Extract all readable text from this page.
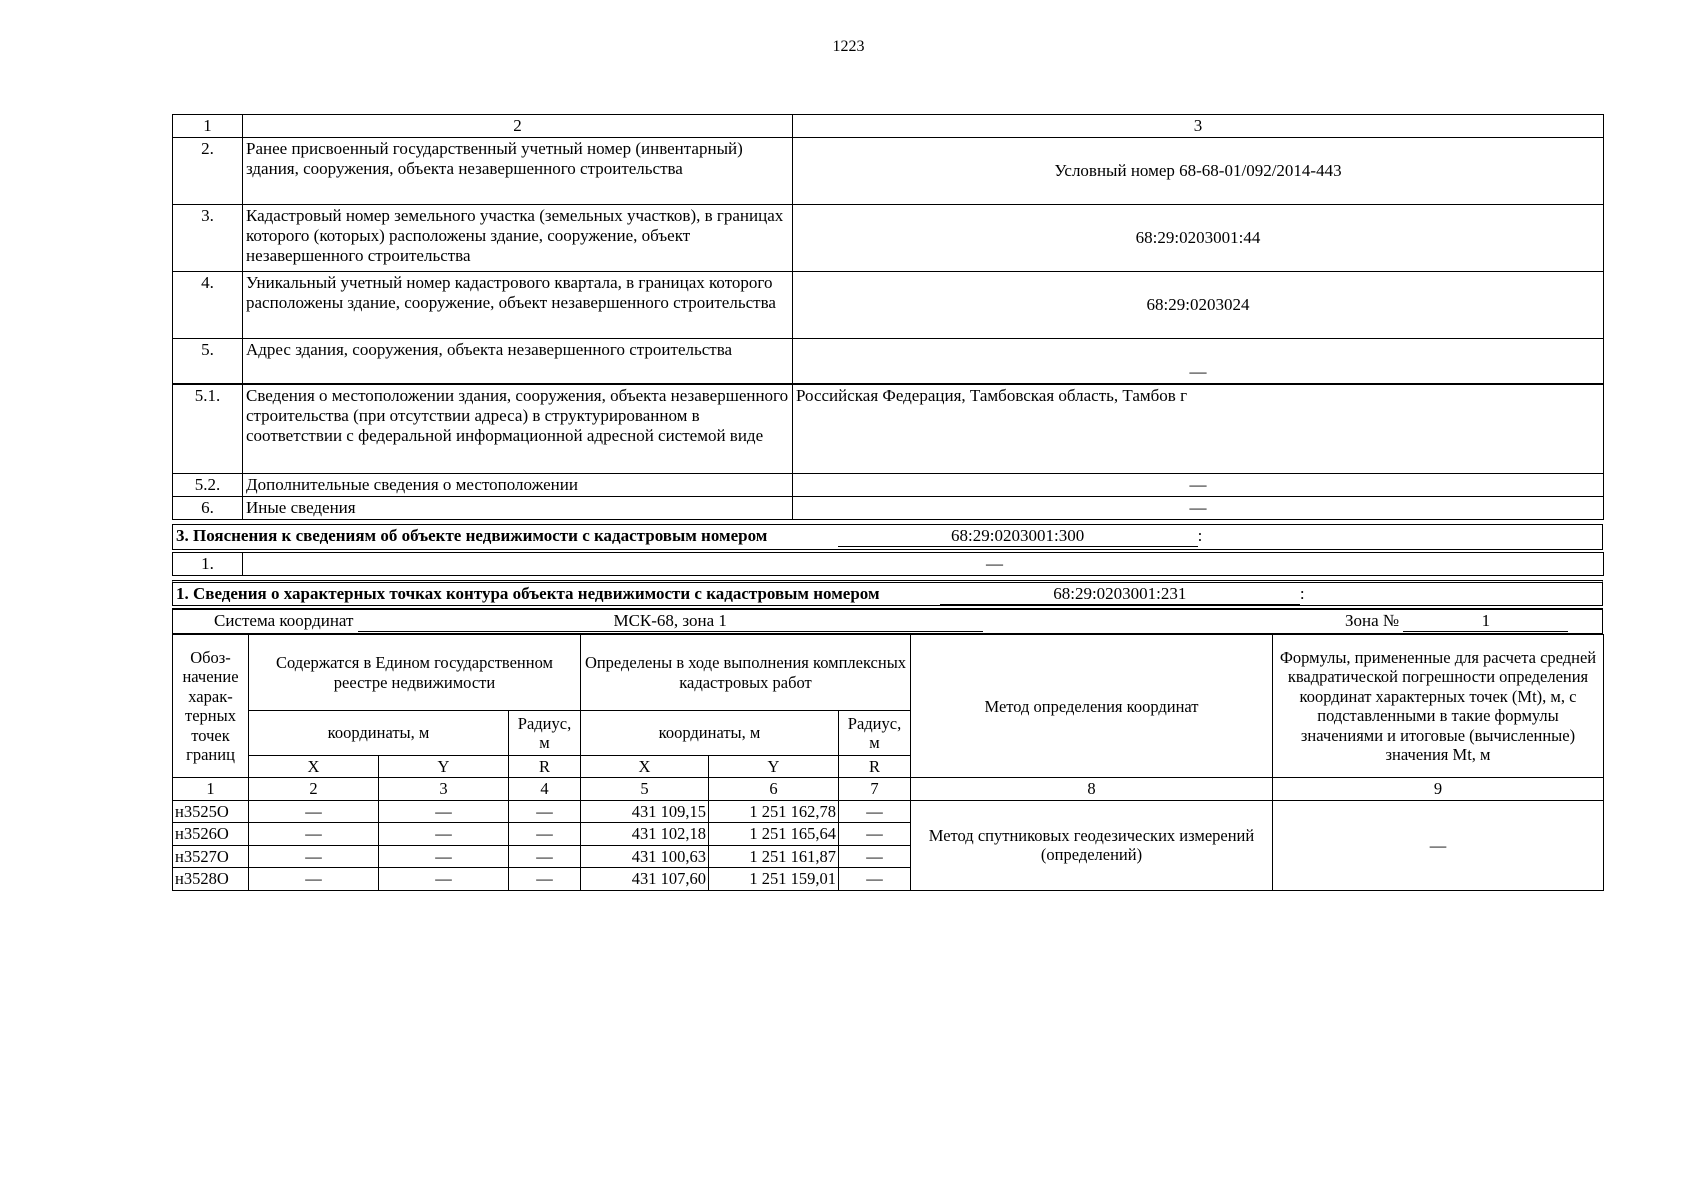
1223
1	2	3
2.	Ранее присвоенный государственный учетный номер (инвентарный) здания, сооружения, объекта незавершенного строительства	Условный номер 68-68-01/092/2014-443
3.	Кадастровый номер земельного участка (земельных участков), в границах которого (которых) расположены здание, сооружение, объект незавершенного строительства	68:29:0203001:44
4.	Уникальный учетный номер кадастрового квартала, в границах которого расположены здание, сооружение, объект незавершенного строительства	68:29:0203024
5.	Адрес здания, сооружения, объекта незавершенного строительства	—
5.1.	Сведения о местоположении здания, сооружения, объекта незавершенного строительства (при отсутствии адреса) в структурированном в соответствии с федеральной информационной адресной системой виде	Российская Федерация, Тамбовская область, Тамбов г
5.2.	Дополнительные сведения о местоположении	—
6.	Иные сведения	—
3. Пояснения к сведениям об объекте недвижимости с кадастровым номером	68:29:0203001:300	:
1.	—
1. Сведения о характерных точках контура объекта недвижимости с кадастровым номером	68:29:0203001:231	:
Система координат	МСК-68, зона 1	Зона №	1
Обоз-начение харак-терных точек границ	Содержатся в Едином государственном реестре недвижимости			Определены в ходе выполнения комплексных кадастровых работ			Метод определения координат	Формулы, примененные для расчета средней квадратической погрешности определения координат характерных точек (Mt), м, с подставленными в такие формулы значениями и итоговые (вычисленные) значения Mt, м
	координаты, м		Радиус, м	координаты, м		Радиус, м		
	X	Y	R	X	Y	R		
1	2	3	4	5	6	7	8	9
н3525О	—	—	—	431 109,15	1 251 162,78	—	Метод спутниковых геодезических измерений (определений)	—
н3526О	—	—	—	431 102,18	1 251 165,64	—		
н3527О	—	—	—	431 100,63	1 251 161,87	—		
н3528О	—	—	—	431 107,60	1 251 159,01	—		
